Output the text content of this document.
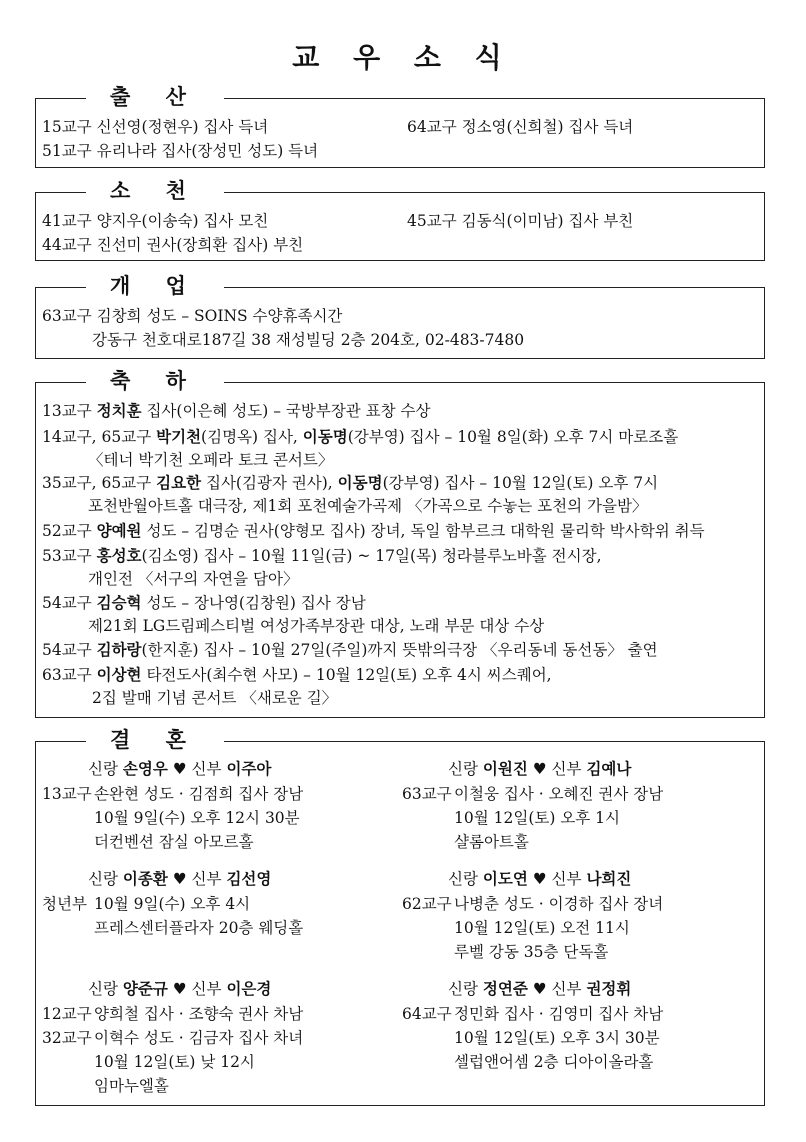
교 우 소 식
출 산
15교구 신선영(정현우) 집사 득녀	64교구 정소영(신희철) 집사 득녀
51교구 유리나라 집사(장성민 성도) 득녀
소 천
41교구 양지우(이송숙) 집사 모친	45교구 김동식(이미남) 집사 부친
44교구 진선미 권사(장희환 집사) 부친
개 업
63교구 김창희 성도 – SOINS 수양휴족시간
강동구 천호대로187길 38 재성빌딩 2층 204호, 02-483-7480
축 하
13교구 정치훈 집사(이은혜 성도) – 국방부장관 표창 수상
14교구, 65교구 박기천(김명옥) 집사, 이동명(강부영) 집사 – 10월 8일(화) 오후 7시 마로조홀
〈테너 박기천 오페라 토크 콘서트〉
35교구, 65교구 김요한 집사(김광자 권사), 이동명(강부영) 집사 – 10월 12일(토) 오후 7시
포천반월아트홀 대극장, 제1회 포천예술가곡제 〈가곡으로 수놓는 포천의 가을밤〉
52교구 양예원 성도 – 김명순 권사(양형모 집사) 장녀, 독일 함부르크 대학원 물리학 박사학위 취득
53교구 홍성호(김소영) 집사 – 10월 11일(금) ~ 17일(목) 청라블루노바홀 전시장,
개인전 〈서구의 자연을 담아〉
54교구 김승혁 성도 – 장나영(김창원) 집사 장남
제21회 LG드림페스티벌 여성가족부장관 대상, 노래 부문 대상 수상
54교구 김하랑(한지훈) 집사 – 10월 27일(주일)까지 뜻밖의극장 〈우리동네 동선동〉 출연
63교구 이상현 타전도사(최수현 사모) – 10월 12일(토) 오후 4시 씨스퀘어,
2집 발매 기념 콘서트 〈새로운 길〉
결 혼
신랑 손영우 ♥ 신부 이주아
13교구 손완현 성도 · 김점희 집사 장남
10월 9일(수) 오후 12시 30분
더컨벤션 잠실 아모르홀
신랑 이원진 ♥ 신부 김예나
63교구 이철웅 집사 · 오혜진 권사 장남
10월 12일(토) 오후 1시
샬롬아트홀
신랑 이종환 ♥ 신부 김선영
청년부 10월 9일(수) 오후 4시
프레스센터플라자 20층 웨딩홀
신랑 이도연 ♥ 신부 나희진
62교구 나병춘 성도 · 이경하 집사 장녀
10월 12일(토) 오전 11시
루벨 강동 35층 단독홀
신랑 양준규 ♥ 신부 이은경
12교구 양희철 집사 · 조향숙 권사 차남
32교구 이혁수 성도 · 김금자 집사 차녀
10월 12일(토) 낮 12시
임마누엘홀
신랑 정연준 ♥ 신부 권정휘
64교구 정민화 집사 · 김영미 집사 차남
10월 12일(토) 오후 3시 30분
셀럽앤어셈 2층 디아이올라홀
